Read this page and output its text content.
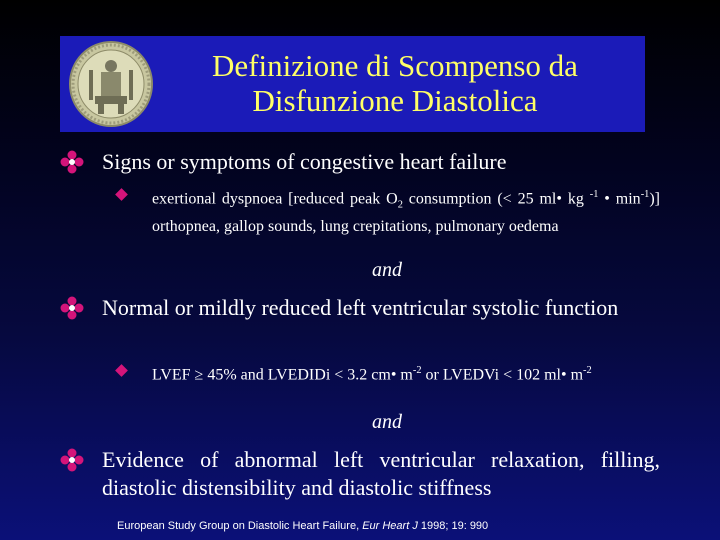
Definizione di Scompenso da
Disfunzione Diastolica
Signs or symptoms of congestive heart failure
exertional dyspnoea [reduced peak $O_2$ consumption (< 25 ml• kg $^{-1}$ • $\min^{-1}$)] orthopnea, gallop sounds, lung crepitations, pulmonary oedema
and
Normal or mildly reduced left ventricular systolic function
LVEF ≥ 45% and LVEDIDi < 3.2 cm• $m^{-2}$ or LVEDVi < 102 ml• $m^{-2}$
and
Evidence of abnormal left ventricular relaxation, filling, diastolic distensibility and diastolic stiffness
European Study Group on Diastolic Heart Failure, Eur Heart J 1998; 19: 990
